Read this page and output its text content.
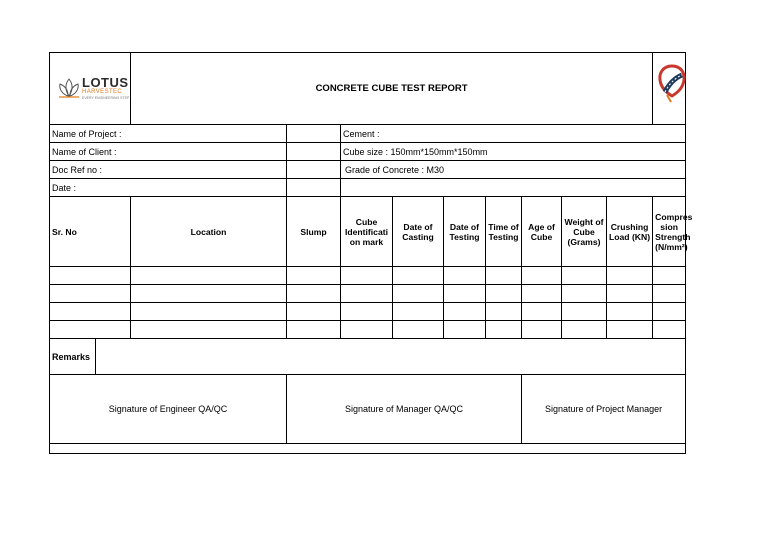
LOTUS
HARVESTEC
EVERY ENGINEERING STEP		CONCRETE CUBE TEST REPORT	
Name of Project :				Cement :								
Name of Client :				Cube size : 150mm*150mm*150mm								
Doc Ref no :				Grade of Concrete : M30								
Date :												
Sr. No		Location	Slump	Cube Identificati on mark	Date of Casting	Date of Testing	Time of Testing	Age of Cube	Weight of Cube (Grams)	Crushing Load (KN)	Compres sion Strength (N/mm²)	

Remarks												
Signature of Engineer QA/QC			Signature of Manager QA/QC					Signature of Project Manager				
